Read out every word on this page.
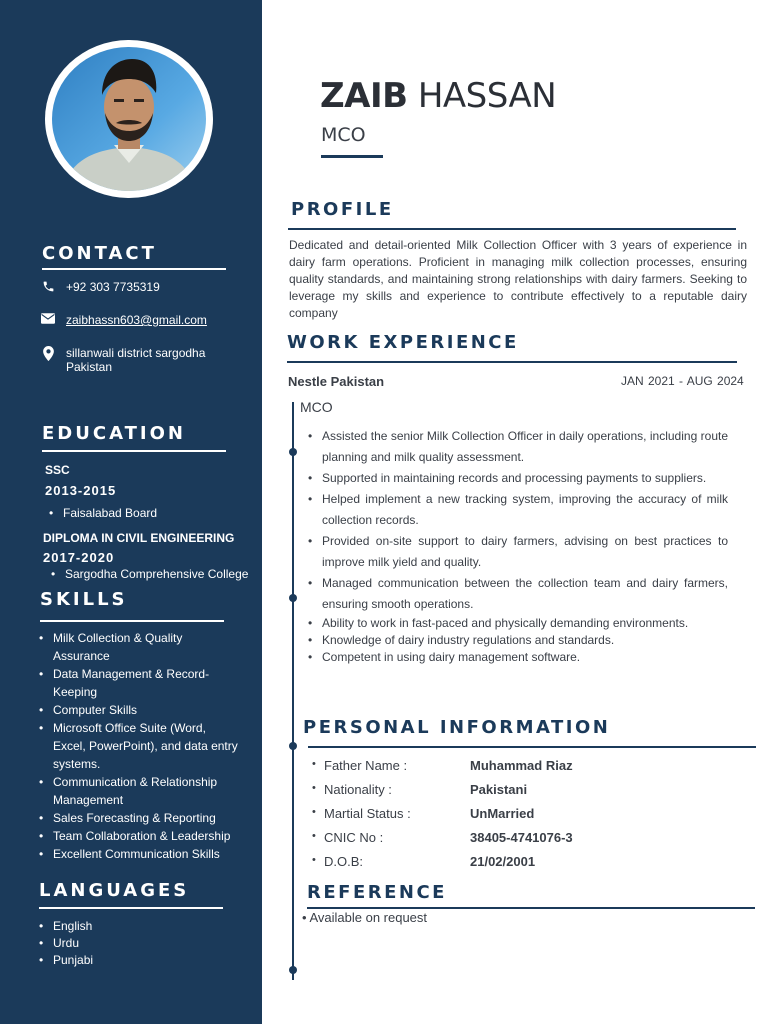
CONTACT
+92 303 7735319
zaibhassn603@gmail.com
sillanwali district sargodha
Pakistan
EDUCATION
SSC
2013-2015
• Faisalabad Board
DIPLOMA IN CIVIL ENGINEERING
2017-2020
• Sargodha Comprehensive College
SKILLS
• Milk Collection & Quality Assurance
• Data Management & Record-Keeping
• Computer Skills
• Microsoft Office Suite (Word, Excel, PowerPoint), and data entry systems.
• Communication & Relationship Management
• Sales Forecasting & Reporting
• Team Collaboration & Leadership
• Excellent Communication Skills
LANGUAGES
• English
• Urdu
• Punjabi
ZAIB HASSAN
MCO
PROFILE
Dedicated and detail-oriented Milk Collection Officer with 3 years of experience in dairy farm operations. Proficient in managing milk collection processes, ensuring quality standards, and maintaining strong relationships with dairy farmers. Seeking to leverage my skills and experience to contribute effectively to a reputable dairy company
WORK EXPERIENCE
Nestle Pakistan	JAN 2021 - AUG 2024
MCO
• Assisted the senior Milk Collection Officer in daily operations, including route planning and milk quality assessment.
• Supported in maintaining records and processing payments to suppliers.
• Helped implement a new tracking system, improving the accuracy of milk collection records.
• Provided on-site support to dairy farmers, advising on best practices to improve milk yield and quality.
• Managed communication between the collection team and dairy farmers, ensuring smooth operations.
• Ability to work in fast-paced and physically demanding environments.
• Knowledge of dairy industry regulations and standards.
• Competent in using dairy management software.
PERSONAL INFORMATION
Father Name :	Muhammad Riaz
Nationality :	Pakistani
Martial Status :	UnMarried
CNIC No :	38405-4741076-3
D.O.B:	21/02/2001
REFERENCE
• Available on request
